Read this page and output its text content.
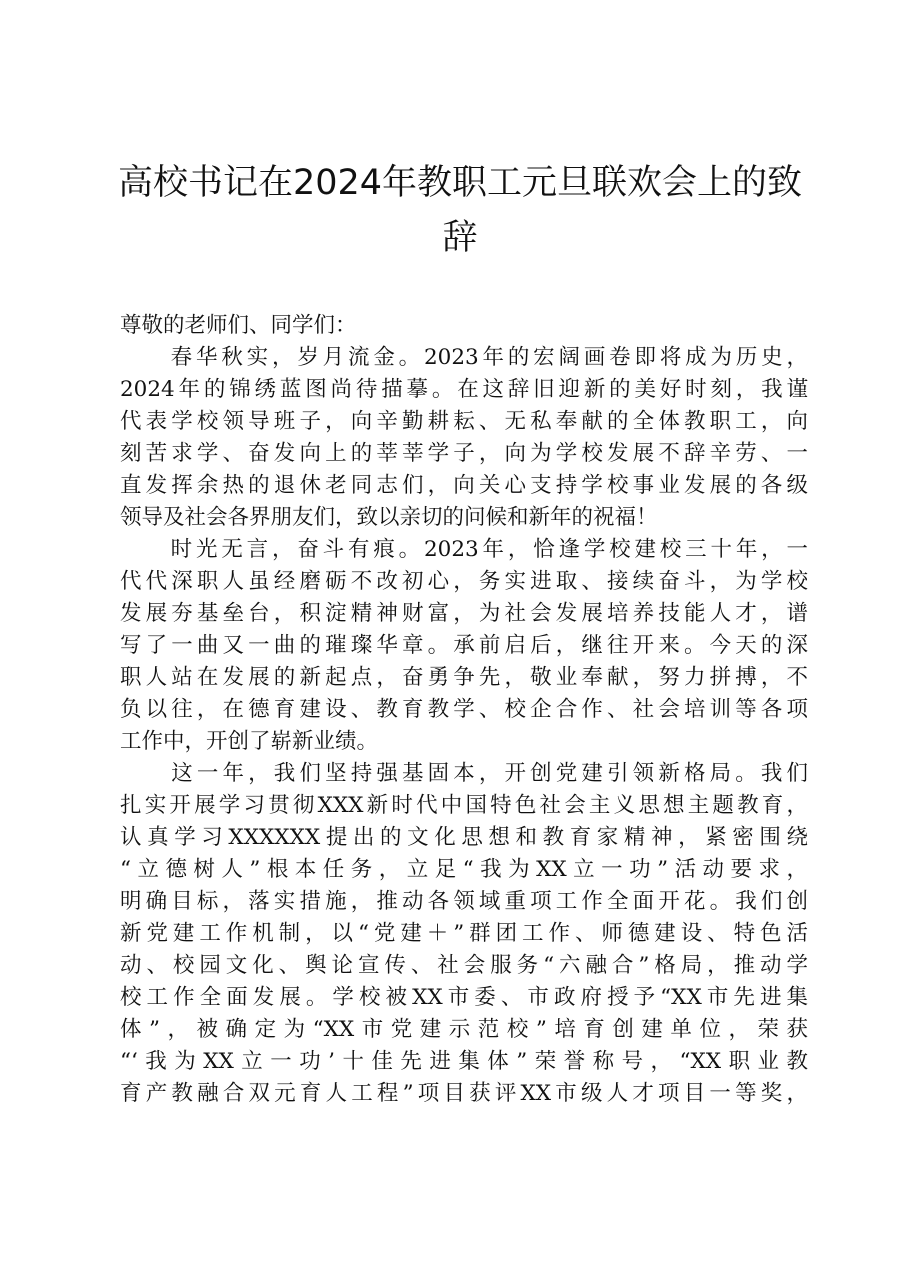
高校书记在2024年教职工元旦联欢会上的致
辞
尊敬的老师们、同学们：
　　春华秋实，岁月流金。2023年的宏阔画卷即将成为历史，
2024年的锦绣蓝图尚待描摹。在这辞旧迎新的美好时刻，我谨
代表学校领导班子，向辛勤耕耘、无私奉献的全体教职工，向
刻苦求学、奋发向上的莘莘学子，向为学校发展不辞辛劳、一
直发挥余热的退休老同志们，向关心支持学校事业发展的各级
领导及社会各界朋友们，致以亲切的问候和新年的祝福！
　　时光无言，奋斗有痕。2023年，恰逢学校建校三十年，一
代代深职人虽经磨砺不改初心，务实进取、接续奋斗，为学校
发展夯基垒台，积淀精神财富，为社会发展培养技能人才，谱
写了一曲又一曲的璀璨华章。承前启后，继往开来。今天的深
职人站在发展的新起点，奋勇争先，敬业奉献，努力拼搏，不
负以往，在德育建设、教育教学、校企合作、社会培训等各项
工作中，开创了崭新业绩。
　　这一年，我们坚持强基固本，开创党建引领新格局。我们
扎实开展学习贯彻XXX新时代中国特色社会主义思想主题教育，
认真学习XXXXXX提出的文化思想和教育家精神，紧密围绕
“立德树人”根本任务，立足“我为XX立一功”活动要求，
明确目标，落实措施，推动各领域重项工作全面开花。我们创
新党建工作机制，以“党建＋”群团工作、师德建设、特色活
动、校园文化、舆论宣传、社会服务“六融合”格局，推动学
校工作全面发展。学校被XX市委、市政府授予“XX市先进集
体”，被确定为“XX市党建示范校”培育创建单位，荣获
“‘我为XX立一功’十佳先进集体”荣誉称号，“XX职业教
育产教融合双元育人工程”项目获评XX市级人才项目一等奖，
